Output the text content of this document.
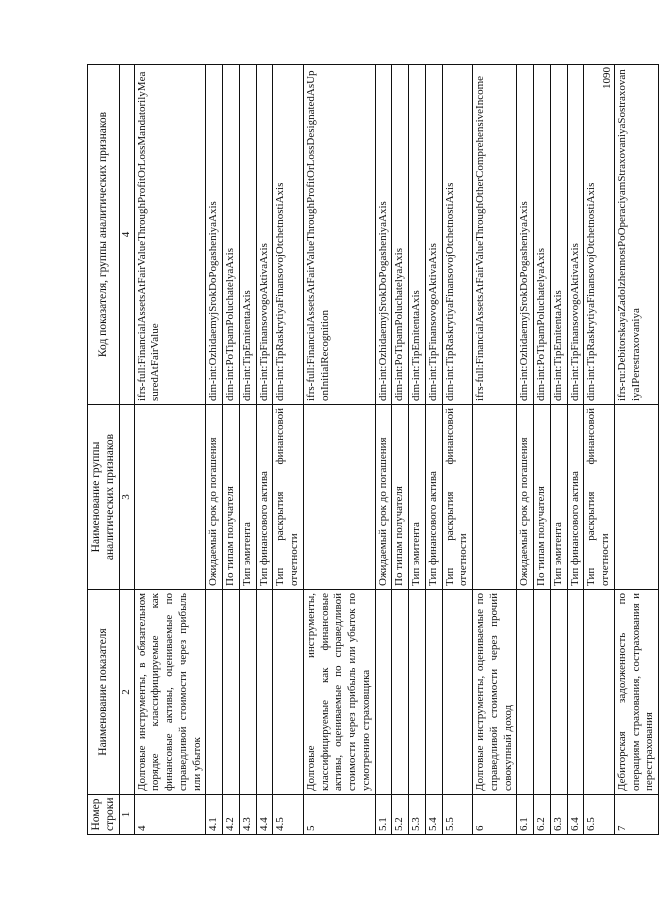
1090
Номер строки	Наименование показателя	Наименование группы аналитических признаков	Код показателя, группы аналитических признаков
1	2	3	4
4	Долговые инструменты, в обязательном порядке классифицируемые как финансовые активы, оцениваемые по справедливой стоимости через прибыль или убыток		ifrs-full:FinancialAssetsAtFairValueThroughProfitOrLossMandatorilyMeasuredAtFairValue
4.1		Ожидаемый срок до погашения	dim-int:OzhidaemyjSrokDoPogasheniyaAxis
4.2		По типам получателя	dim-int:PoTipamPoluchatelyaAxis
4.3		Тип эмитента	dim-int:TipEmitentaAxis
4.4		Тип финансового актива	dim-int:TipFinansovogoAktivaAxis
4.5		Тип раскрытия финансовой отчетности	dim-int:TipRaskrytiyaFinansovojOtchetnostiAxis
5	Долговые инструменты, классифицируемые как финансовые активы, оцениваемые по справедливой стоимости через прибыль или убыток по усмотрению страховщика		ifrs-full:FinancialAssetsAtFairValueThroughProfitOrLossDesignatedAsUponInitialRecognition
5.1		Ожидаемый срок до погашения	dim-int:OzhidaemyjSrokDoPogasheniyaAxis
5.2		По типам получателя	dim-int:PoTipamPoluchatelyaAxis
5.3		Тип эмитента	dim-int:TipEmitentaAxis
5.4		Тип финансового актива	dim-int:TipFinansovogoAktivaAxis
5.5		Тип раскрытия финансовой отчетности	dim-int:TipRaskrytiyaFinansovojOtchetnostiAxis
6	Долговые инструменты, оцениваемые по справедливой стоимости через прочий совокупный доход		ifrs-full:FinancialAssetsAtFairValueThroughOtherComprehensiveIncome
6.1		Ожидаемый срок до погашения	dim-int:OzhidaemyjSrokDoPogasheniyaAxis
6.2		По типам получателя	dim-int:PoTipamPoluchatelyaAxis
6.3		Тип эмитента	dim-int:TipEmitentaAxis
6.4		Тип финансового актива	dim-int:TipFinansovogoAktivaAxis
6.5		Тип раскрытия финансовой отчетности	dim-int:TipRaskrytiyaFinansovojOtchetnostiAxis
7	Дебиторская задолженность по операциям страхования, сострахования и перестрахования		ifrs-ru:DebitorskayaZadolzhennostPoOperaciyamStraxovaniyaSostraxovaniyaIPerestraxovaniya
